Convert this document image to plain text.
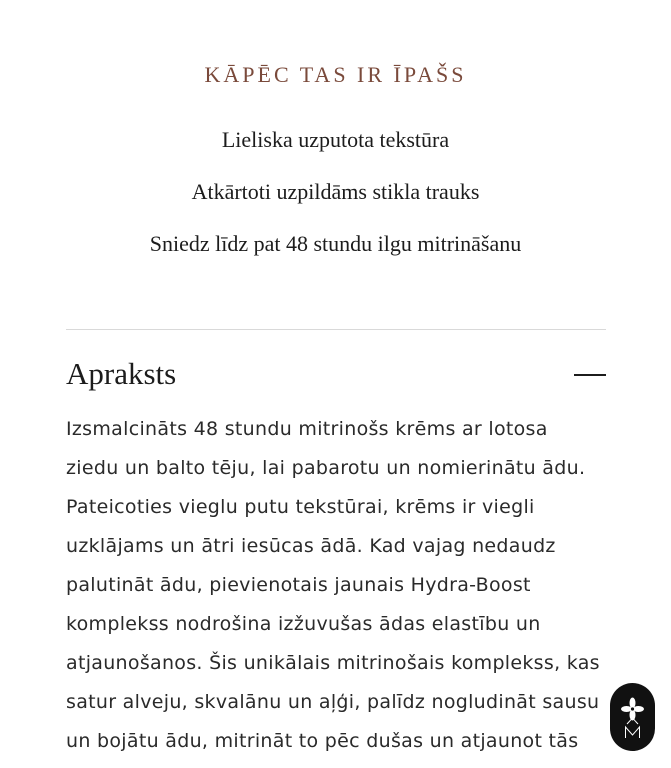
KĀPĒC TAS IR ĪPAŠS
Lieliska uzputota tekstūra
Atkārtoti uzpildāms stikla trauks
Sniedz līdz pat 48 stundu ilgu mitrināšanu
Apraksts
Izsmalcināts 48 stundu mitrinošs krēms ar lotosa
ziedu un balto tēju, lai pabarotu un nomierinātu ādu.
Pateicoties vieglu putu tekstūrai, krēms ir viegli
uzklājams un ātri iesūcas ādā. Kad vajag nedaudz
palutināt ādu, pievienotais jaunais Hydra-Boost
komplekss nodrošina izžuvušas ādas elastību un
atjaunošanos. Šis unikālais mitrinošais komplekss, kas
satur alveju, skvalānu un aļģi, palīdz nogludināt sausu
un bojātu ādu, mitrināt to pēc dušas un atjaunot tās
